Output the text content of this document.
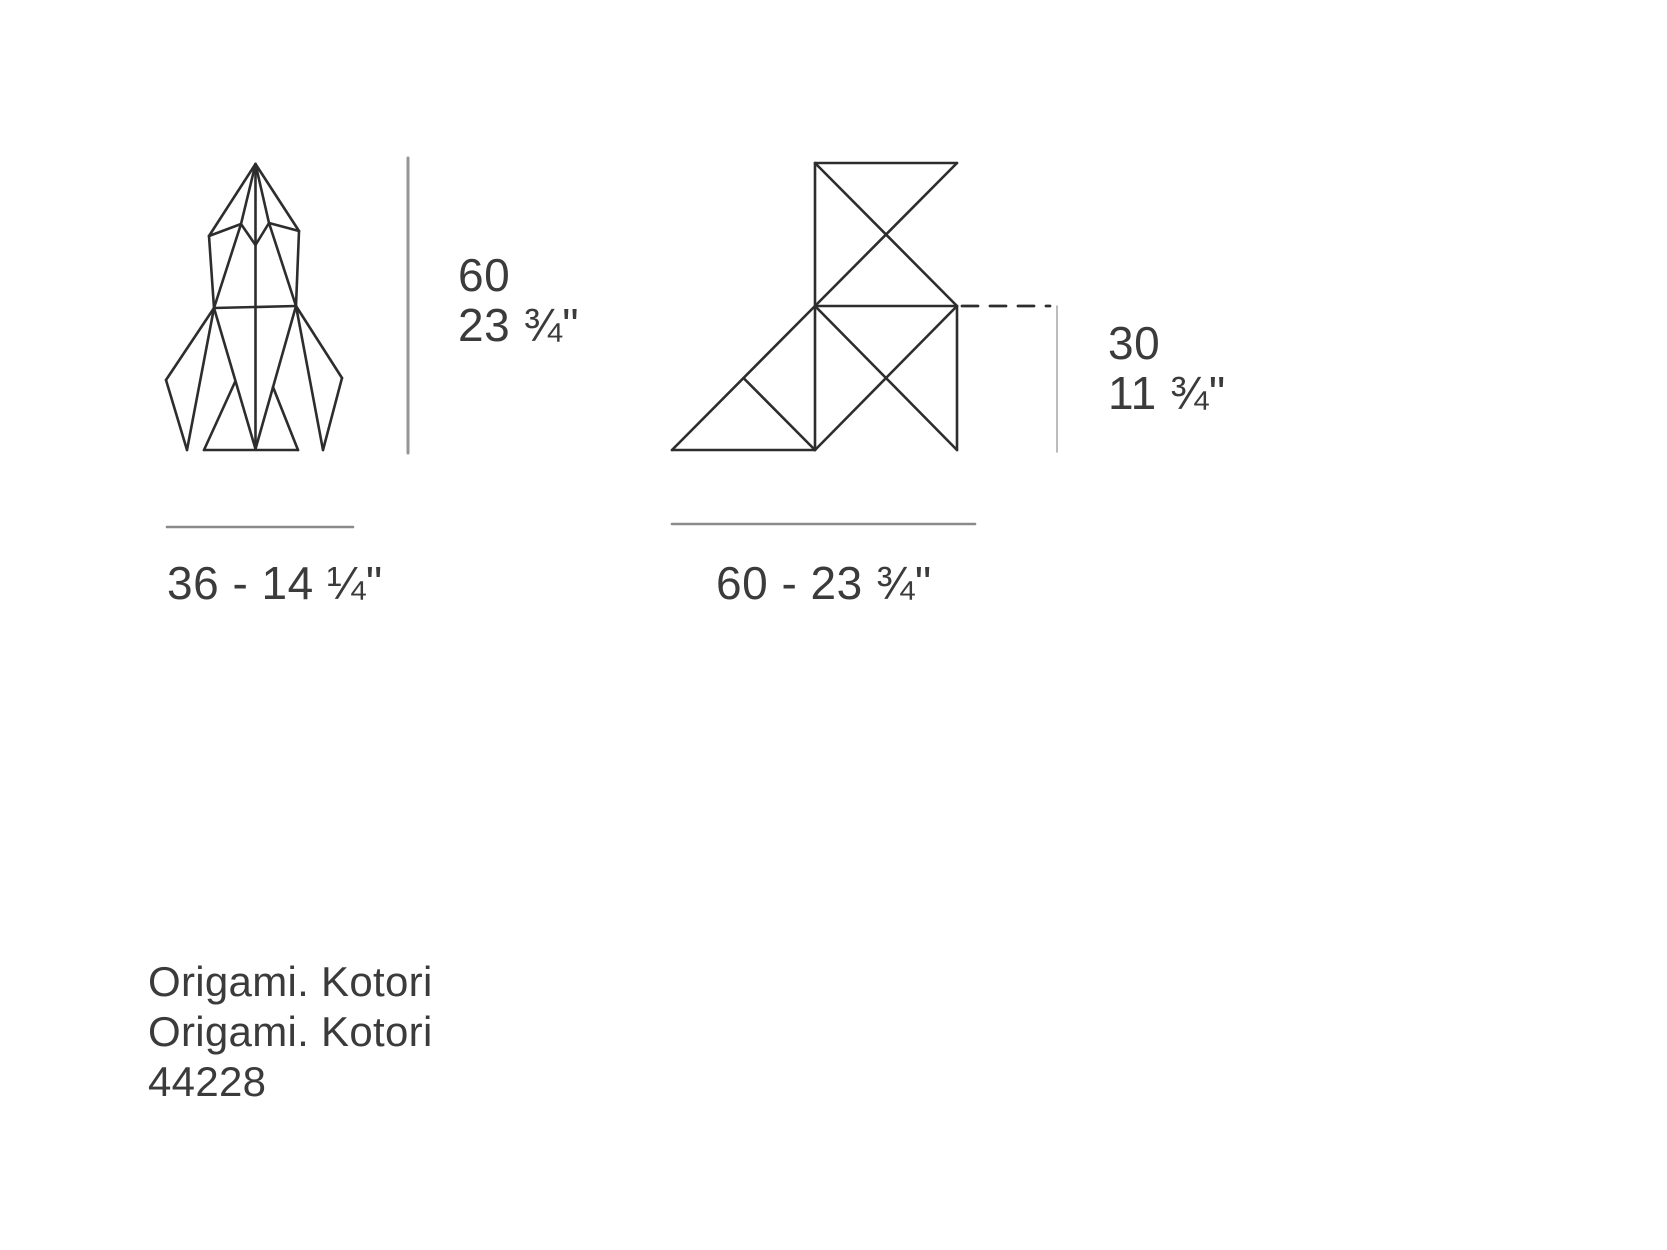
60
23 ¾"	30
11 ¾"
36 - 14 ¼"	60 - 23 ¾"
Origami. Kotori
Origami. Kotori
44228
